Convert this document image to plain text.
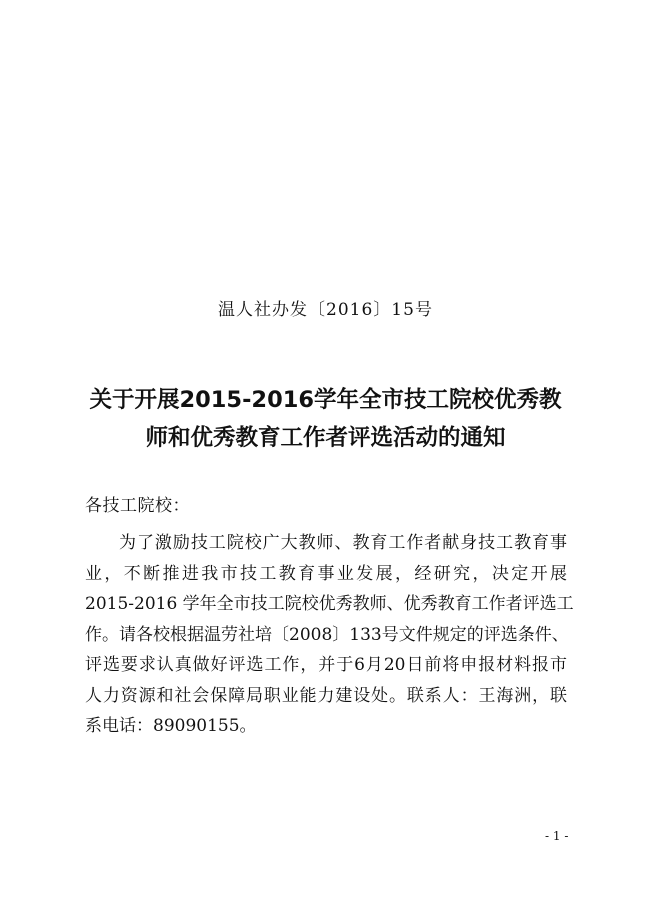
温人社办发〔2016〕15号
关于开展2015-2016学年全市技工院校优秀教
师和优秀教育工作者评选活动的通知
各技工院校：
为了激励技工院校广大教师、教育工作者献身技工教育事
业，不断推进我市技工教育事业发展，经研究，决定开展
2015-2016 学年全市技工院校优秀教师、优秀教育工作者评选工
作。请各校根据温劳社培〔2008〕133号文件规定的评选条件、
评选要求认真做好评选工作，并于6月20日前将申报材料报市
人力资源和社会保障局职业能力建设处。联系人：王海洲，联
系电话：89090155。
- 1 -
